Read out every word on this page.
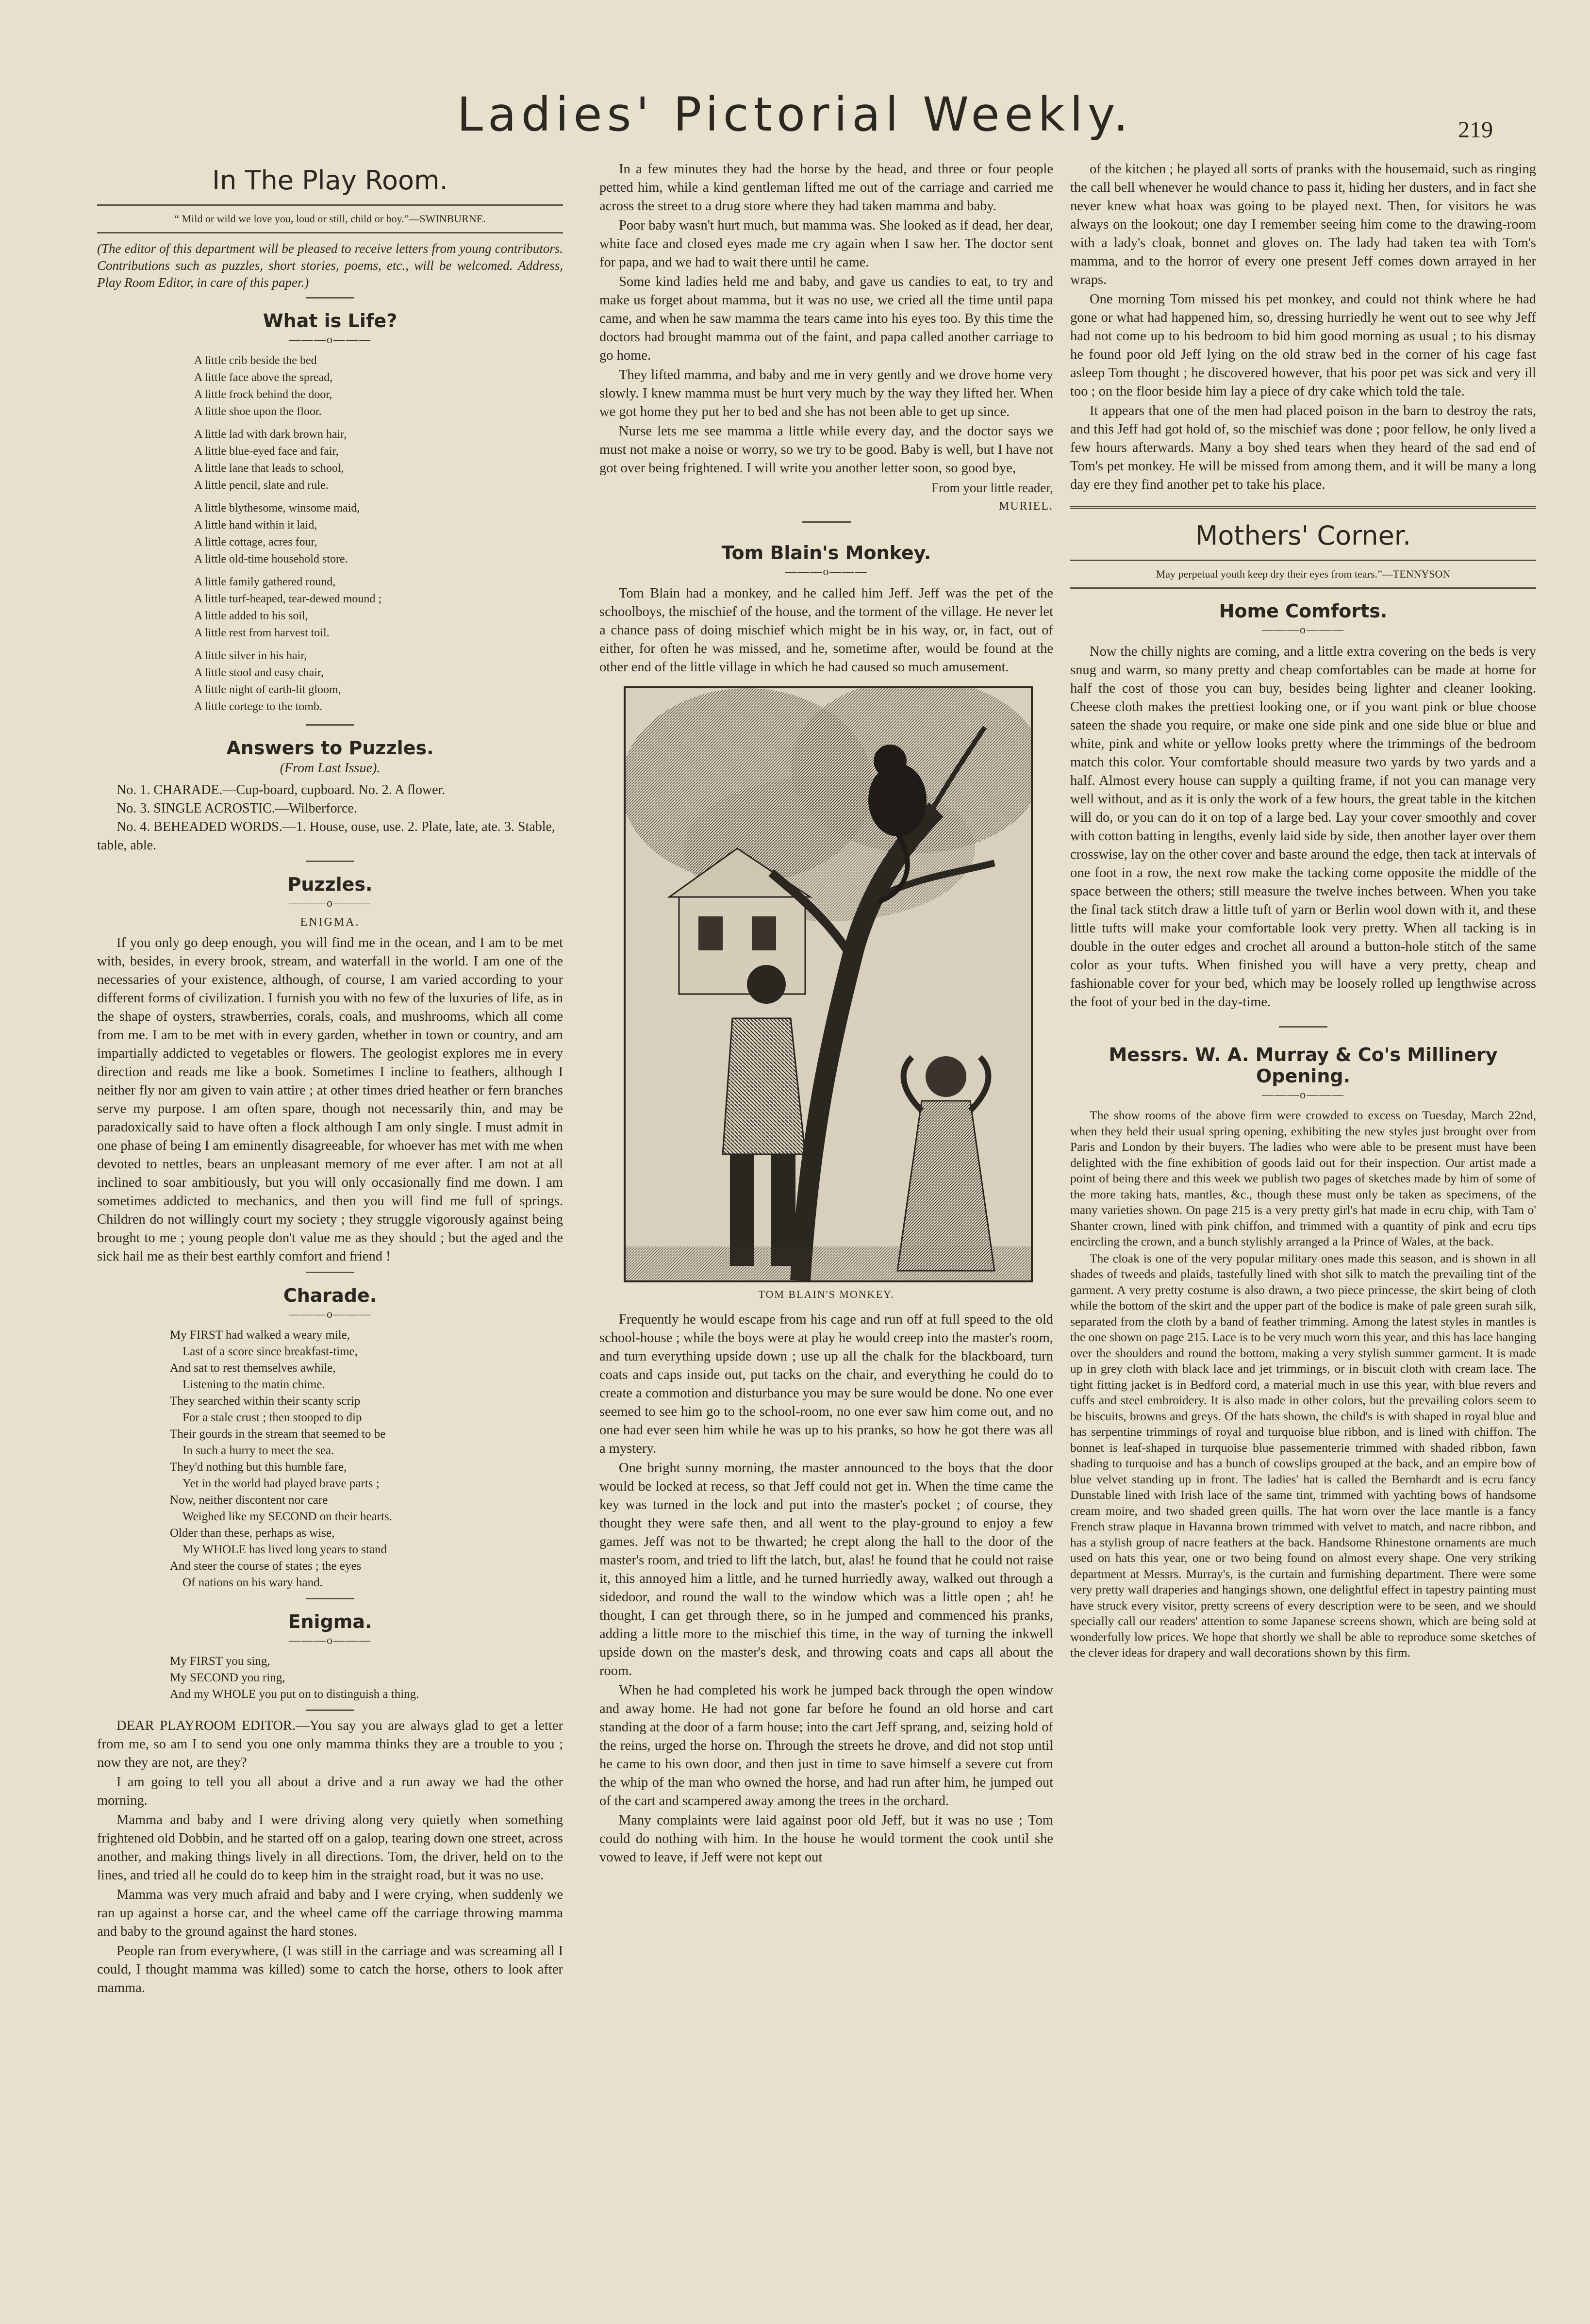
Ladies' Pictorial Weekly.	219
In The Play Room.
“ Mild or wild we love you, loud or still, child or boy.”—SWINBURNE.
(The editor of this department will be pleased to receive letters from young contributors. Contributions such as puzzles, short stories, poems, etc., will be welcomed. Address, Play Room Editor, in care of this paper.)
What is Life?
———o———
A little crib beside the bed
A little face above the spread,
A little frock behind the door,
A little shoe upon the floor.
A little lad with dark brown hair,
A little blue-eyed face and fair,
A little lane that leads to school,
A little pencil, slate and rule.
A little blythesome, winsome maid,
A little hand within it laid,
A little cottage, acres four,
A little old-time household store.
A little family gathered round,
A little turf-heaped, tear-dewed mound ;
A little added to his soil,
A little rest from harvest toil.
A little silver in his hair,
A little stool and easy chair,
A little night of earth-lit gloom,
A little cortege to the tomb.
Answers to Puzzles.
(From Last Issue).
No. 1. CHARADE.—Cup-board, cupboard. No. 2. A flower.
No. 3. SINGLE ACROSTIC.—Wilberforce.
No. 4. BEHEADED WORDS.—1. House, ouse, use. 2. Plate, late, ate. 3. Stable, table, able.
Puzzles.
———o———
ENIGMA.
If you only go deep enough, you will find me in the ocean, and I am to be met with, besides, in every brook, stream, and waterfall in the world. I am one of the necessaries of your existence, although, of course, I am varied according to your different forms of civilization. I furnish you with no few of the luxuries of life, as in the shape of oysters, strawberries, corals, coals, and mushrooms, which all come from me. I am to be met with in every garden, whether in town or country, and am impartially addicted to vegetables or flowers. The geologist explores me in every direction and reads me like a book. Sometimes I incline to feathers, although I neither fly nor am given to vain attire ; at other times dried heather or fern branches serve my purpose. I am often spare, though not necessarily thin, and may be paradoxically said to have often a flock although I am only single. I must admit in one phase of being I am eminently disagreeable, for whoever has met with me when devoted to nettles, bears an unpleasant memory of me ever after. I am not at all inclined to soar ambitiously, but you will only occasionally find me down. I am sometimes addicted to mechanics, and then you will find me full of springs. Children do not willingly court my society ; they struggle vigorously against being brought to me ; young people don't value me as they should ; but the aged and the sick hail me as their best earthly comfort and friend !
Charade.
———o———
My FIRST had walked a weary mile,
Last of a score since breakfast-time,
And sat to rest themselves awhile,
Listening to the matin chime.
They searched within their scanty scrip
For a stale crust ; then stooped to dip
Their gourds in the stream that seemed to be
In such a hurry to meet the sea.
They'd nothing but this humble fare,
Yet in the world had played brave parts ;
Now, neither discontent nor care
Weighed like my SECOND on their hearts.
Older than these, perhaps as wise,
My WHOLE has lived long years to stand
And steer the course of states ; the eyes
Of nations on his wary hand.
Enigma.
———o———
My FIRST you sing,
My SECOND you ring,
And my WHOLE you put on to distinguish a thing.
DEAR PLAYROOM EDITOR.—You say you are always glad to get a letter from me, so am I to send you one only mamma thinks they are a trouble to you ; now they are not, are they?
I am going to tell you all about a drive and a run away we had the other morning.
Mamma and baby and I were driving along very quietly when something frightened old Dobbin, and he started off on a galop, tearing down one street, across another, and making things lively in all directions. Tom, the driver, held on to the lines, and tried all he could do to keep him in the straight road, but it was no use.
Mamma was very much afraid and baby and I were crying, when suddenly we ran up against a horse car, and the wheel came off the carriage throwing mamma and baby to the ground against the hard stones.
People ran from everywhere, (I was still in the carriage and was screaming all I could, I thought mamma was killed) some to catch the horse, others to look after mamma.
In a few minutes they had the horse by the head, and three or four people petted him, while a kind gentleman lifted me out of the carriage and carried me across the street to a drug store where they had taken mamma and baby.
Poor baby wasn't hurt much, but mamma was. She looked as if dead, her dear, white face and closed eyes made me cry again when I saw her. The doctor sent for papa, and we had to wait there until he came.
Some kind ladies held me and baby, and gave us candies to eat, to try and make us forget about mamma, but it was no use, we cried all the time until papa came, and when he saw mamma the tears came into his eyes too. By this time the doctors had brought mamma out of the faint, and papa called another carriage to go home.
They lifted mamma, and baby and me in very gently and we drove home very slowly. I knew mamma must be hurt very much by the way they lifted her. When we got home they put her to bed and she has not been able to get up since.
Nurse lets me see mamma a little while every day, and the doctor says we must not make a noise or worry, so we try to be good. Baby is well, but I have not got over being frightened. I will write you another letter soon, so good bye,
From your little reader,
MURIEL.
Tom Blain's Monkey.
———o———
Tom Blain had a monkey, and he called him Jeff. Jeff was the pet of the schoolboys, the mischief of the house, and the torment of the village. He never let a chance pass of doing mischief which might be in his way, or, in fact, out of either, for often he was missed, and he, sometime after, would be found at the other end of the little village in which he had caused so much amusement.
TOM BLAIN'S MONKEY.
Frequently he would escape from his cage and run off at full speed to the old school-house ; while the boys were at play he would creep into the master's room, and turn everything upside down ; use up all the chalk for the blackboard, turn coats and caps inside out, put tacks on the chair, and everything he could do to create a commotion and disturbance you may be sure would be done. No one ever seemed to see him go to the school-room, no one ever saw him come out, and no one had ever seen him while he was up to his pranks, so how he got there was all a mystery.
One bright sunny morning, the master announced to the boys that the door would be locked at recess, so that Jeff could not get in. When the time came the key was turned in the lock and put into the master's pocket ; of course, they thought they were safe then, and all went to the play-ground to enjoy a few games. Jeff was not to be thwarted; he crept along the hall to the door of the master's room, and tried to lift the latch, but, alas! he found that he could not raise it, this annoyed him a little, and he turned hurriedly away, walked out through a sidedoor, and round the wall to the window which was a little open ; ah! he thought, I can get through there, so in he jumped and commenced his pranks, adding a little more to the mischief this time, in the way of turning the inkwell upside down on the master's desk, and throwing coats and caps all about the room.
When he had completed his work he jumped back through the open window and away home. He had not gone far before he found an old horse and cart standing at the door of a farm house; into the cart Jeff sprang, and, seizing hold of the reins, urged the horse on. Through the streets he drove, and did not stop until he came to his own door, and then just in time to save himself a severe cut from the whip of the man who owned the horse, and had run after him, he jumped out of the cart and scampered away among the trees in the orchard.
Many complaints were laid against poor old Jeff, but it was no use ; Tom could do nothing with him. In the house he would torment the cook until she vowed to leave, if Jeff were not kept out
of the kitchen ; he played all sorts of pranks with the housemaid, such as ringing the call bell whenever he would chance to pass it, hiding her dusters, and in fact she never knew what hoax was going to be played next. Then, for visitors he was always on the lookout; one day I remember seeing him come to the drawing-room with a lady's cloak, bonnet and gloves on. The lady had taken tea with Tom's mamma, and to the horror of every one present Jeff comes down arrayed in her wraps.
One morning Tom missed his pet monkey, and could not think where he had gone or what had happened him, so, dressing hurriedly he went out to see why Jeff had not come up to his bedroom to bid him good morning as usual ; to his dismay he found poor old Jeff lying on the old straw bed in the corner of his cage fast asleep Tom thought ; he discovered however, that his poor pet was sick and very ill too ; on the floor beside him lay a piece of dry cake which told the tale.
It appears that one of the men had placed poison in the barn to destroy the rats, and this Jeff had got hold of, so the mischief was done ; poor fellow, he only lived a few hours afterwards. Many a boy shed tears when they heard of the sad end of Tom's pet monkey. He will be missed from among them, and it will be many a long day ere they find another pet to take his place.
Mothers' Corner.
May perpetual youth keep dry their eyes from tears.”—TENNYSON
Home Comforts.
———o———
Now the chilly nights are coming, and a little extra covering on the beds is very snug and warm, so many pretty and cheap comfortables can be made at home for half the cost of those you can buy, besides being lighter and cleaner looking. Cheese cloth makes the prettiest looking one, or if you want pink or blue choose sateen the shade you require, or make one side pink and one side blue or blue and white, pink and white or yellow looks pretty where the trimmings of the bedroom match this color. Your comfortable should measure two yards by two yards and a half. Almost every house can supply a quilting frame, if not you can manage very well without, and as it is only the work of a few hours, the great table in the kitchen will do, or you can do it on top of a large bed. Lay your cover smoothly and cover with cotton batting in lengths, evenly laid side by side, then another layer over them crosswise, lay on the other cover and baste around the edge, then tack at intervals of one foot in a row, the next row make the tacking come opposite the middle of the space between the others; still measure the twelve inches between. When you take the final tack stitch draw a little tuft of yarn or Berlin wool down with it, and these little tufts will make your comfortable look very pretty. When all tacking is in double in the outer edges and crochet all around a button-hole stitch of the same color as your tufts. When finished you will have a very pretty, cheap and fashionable cover for your bed, which may be loosely rolled up lengthwise across the foot of your bed in the day-time.
Messrs. W. A. Murray & Co's Millinery Opening.
———o———
The show rooms of the above firm were crowded to excess on Tuesday, March 22nd, when they held their usual spring opening, exhibiting the new styles just brought over from Paris and London by their buyers. The ladies who were able to be present must have been delighted with the fine exhibition of goods laid out for their inspection. Our artist made a point of being there and this week we publish two pages of sketches made by him of some of the more taking hats, mantles, &c., though these must only be taken as specimens, of the many varieties shown. On page 215 is a very pretty girl's hat made in ecru chip, with Tam o' Shanter crown, lined with pink chiffon, and trimmed with a quantity of pink and ecru tips encircling the crown, and a bunch stylishly arranged a la Prince of Wales, at the back.
The cloak is one of the very popular military ones made this season, and is shown in all shades of tweeds and plaids, tastefully lined with shot silk to match the prevailing tint of the garment. A very pretty costume is also drawn, a two piece princesse, the skirt being of cloth while the bottom of the skirt and the upper part of the bodice is make of pale green surah silk, separated from the cloth by a band of feather trimming. Among the latest styles in mantles is the one shown on page 215. Lace is to be very much worn this year, and this has lace hanging over the shoulders and round the bottom, making a very stylish summer garment. It is made up in grey cloth with black lace and jet trimmings, or in biscuit cloth with cream lace. The tight fitting jacket is in Bedford cord, a material much in use this year, with blue revers and cuffs and steel embroidery. It is also made in other colors, but the prevailing colors seem to be biscuits, browns and greys. Of the hats shown, the child's is with shaped in royal blue and has serpentine trimmings of royal and turquoise blue ribbon, and is lined with chiffon. The bonnet is leaf-shaped in turquoise blue passementerie trimmed with shaded ribbon, fawn shading to turquoise and has a bunch of cowslips grouped at the back, and an empire bow of blue velvet standing up in front. The ladies' hat is called the Bernhardt and is ecru fancy Dunstable lined with Irish lace of the same tint, trimmed with yachting bows of handsome cream moire, and two shaded green quills. The hat worn over the lace mantle is a fancy French straw plaque in Havanna brown trimmed with velvet to match, and nacre ribbon, and has a stylish group of nacre feathers at the back. Handsome Rhinestone ornaments are much used on hats this year, one or two being found on almost every shape. One very striking department at Messrs. Murray's, is the curtain and furnishing department. There were some very pretty wall draperies and hangings shown, one delightful effect in tapestry painting must have struck every visitor, pretty screens of every description were to be seen, and we should specially call our readers' attention to some Japanese screens shown, which are being sold at wonderfully low prices. We hope that shortly we shall be able to reproduce some sketches of the clever ideas for drapery and wall decorations shown by this firm.
